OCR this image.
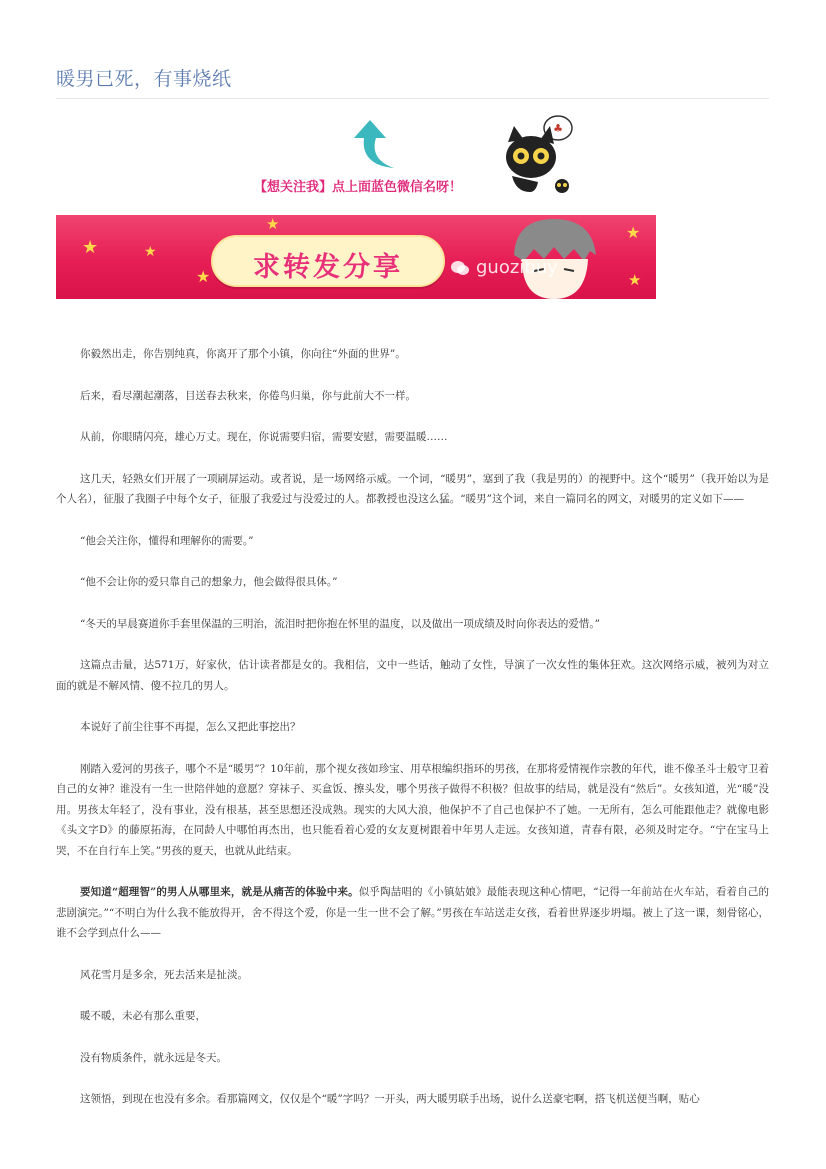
暖男已死，有事烧纸
【想关注我】点上面蓝色微信名呀！
♣
★	★
★
★	★
★
求转发分享	guozibuy

你毅然出走，你告别纯真，你离开了那个小镇，你向往“外面的世界”。

后来，看尽潮起潮落，目送春去秋来，你倦鸟归巢，你与此前大不一样。

从前，你眼睛闪亮，雄心万丈。现在，你说需要归宿，需要安慰，需要温暖……

这几天，轻熟女们开展了一项刷屏运动。或者说，是一场网络示威。一个词，“暖男”，塞到了我（我是男的）的视野中。这个“暖男”（我开始以为是个人名），征服了我圈子中每个女子，征服了我爱过与没爱过的人。都教授也没这么猛。“暖男”这个词，来自一篇同名的网文，对暖男的定义如下——

“他会关注你，懂得和理解你的需要。”

“他不会让你的爱只靠自己的想象力，他会做得很具体。”

“冬天的早晨赛道你手套里保温的三明治，流泪时把你抱在怀里的温度，以及做出一项成绩及时向你表达的爱惜。”

这篇点击量，达571万，好家伙，估计读者都是女的。我相信，文中一些话，触动了女性，导演了一次女性的集体狂欢。这次网络示威，被列为对立面的就是不解风情、傻不拉几的男人。

本说好了前尘往事不再提，怎么又把此事挖出？

刚踏入爱河的男孩子，哪个不是“暖男”？10年前，那个视女孩如珍宝、用草根编织指环的男孩，在那将爱情视作宗教的年代，谁不像圣斗士般守卫着自己的女神？谁没有一生一世陪伴她的意愿？穿袜子、买盒饭、擦头发，哪个男孩子做得不积极？但故事的结局，就是没有“然后”。女孩知道，光“暖”没用。男孩太年轻了，没有事业，没有根基，甚至思想还没成熟。现实的大风大浪，他保护不了自己也保护不了她。一无所有，怎么可能跟他走？就像电影《头文字D》的藤原拓海，在同龄人中哪怕再杰出，也只能看着心爱的女友夏树跟着中年男人走远。女孩知道，青春有限，必须及时定夺。“宁在宝马上哭，不在自行车上笑。”男孩的夏天，也就从此结束。

要知道“超理智”的男人从哪里来，就是从痛苦的体验中来。似乎陶喆唱的《小镇姑娘》最能表现这种心情吧，“记得一年前站在火车站，看着自己的悲剧演完。”“不明白为什么我不能放得开，舍不得这个爱，你是一生一世不会了解。”男孩在车站送走女孩，看着世界逐步坍塌。被上了这一课，刻骨铭心，谁不会学到点什么——

风花雪月是多余，死去活来是扯淡。

暖不暖，未必有那么重要，

没有物质条件，就永远是冬天。

这领悟，到现在也没有多余。看那篇网文，仅仅是个“暖”字吗？一开头，两大暖男联手出场，说什么送豪宅啊，搭飞机送便当啊，贴心
